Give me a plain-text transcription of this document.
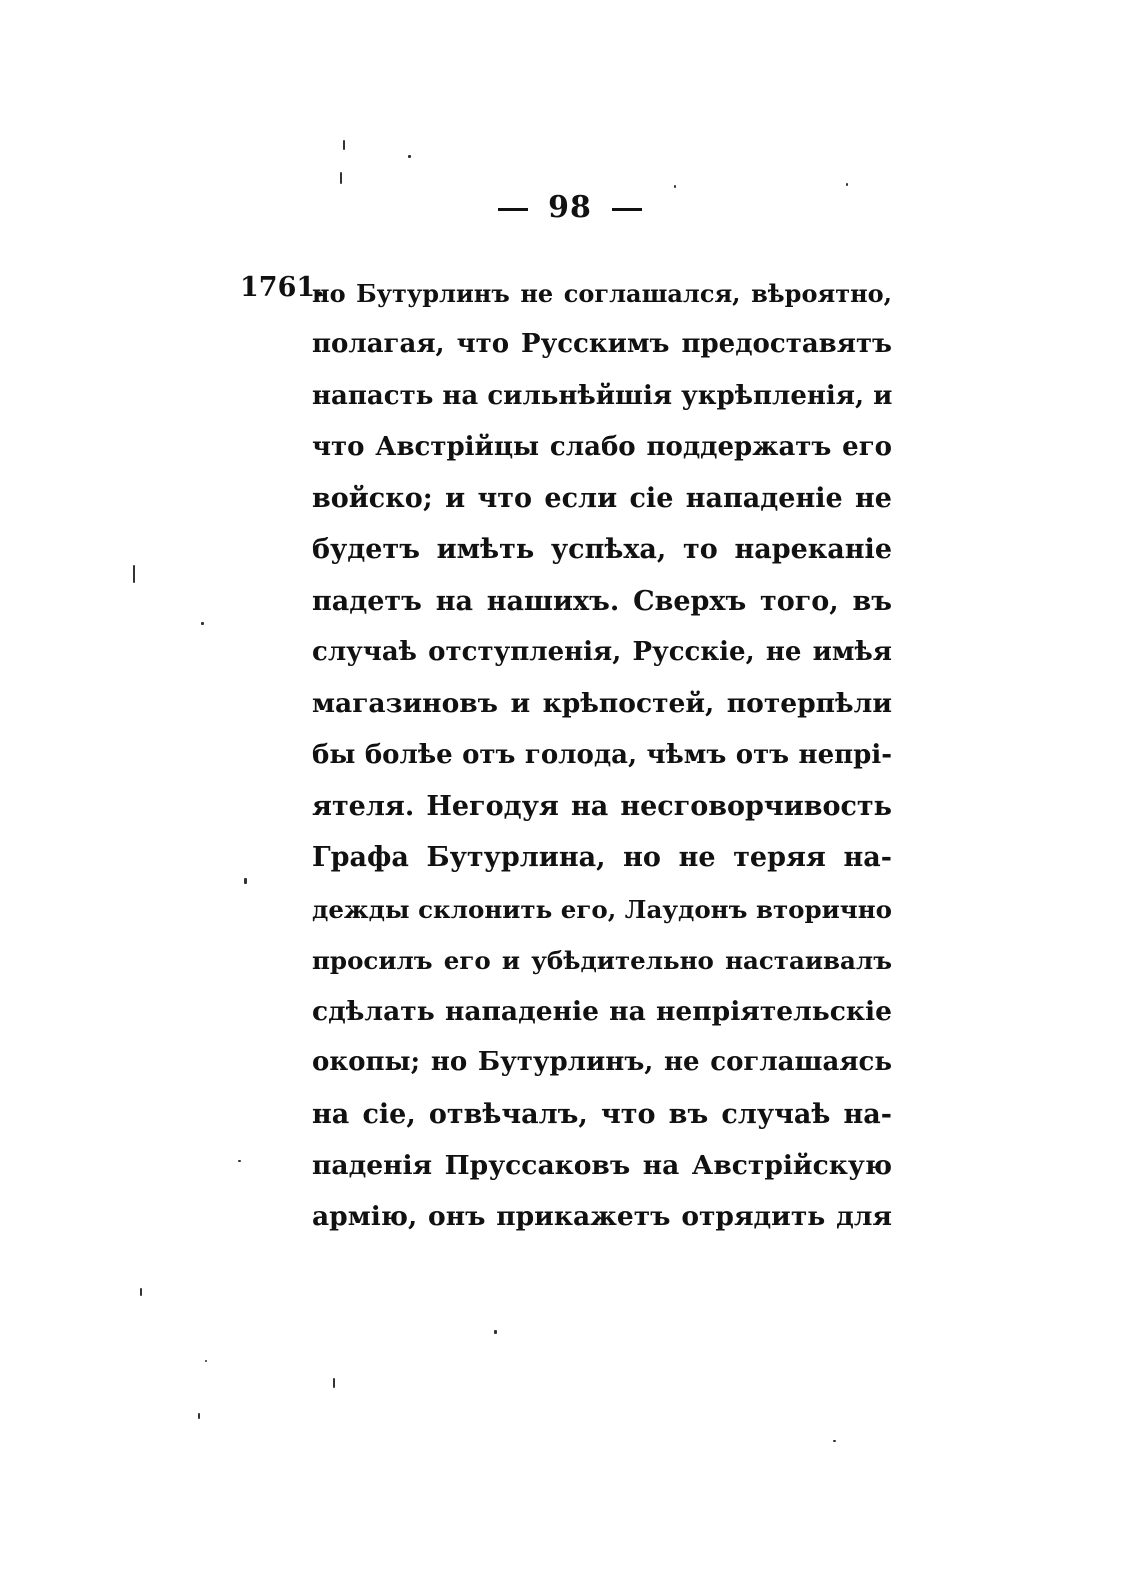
98
1761.
но Бутурлинъ не соглашался, вѣроятно,
полагая, что Русскимъ предоставятъ
напасть на сильнѣйшія укрѣпленія, и
что Австрійцы слабо поддержатъ его
войско; и что если сіе нападеніе не
будетъ имѣть успѣха, то нареканіе
падетъ на нашихъ. Сверхъ того, въ
случаѣ отступленія, Русскіе, не имѣя
магазиновъ и крѣпостей, потерпѣли
бы болѣе отъ голода, чѣмъ отъ непрі-
ятеля. Негодуя на несговорчивость
Графа Бутурлина, но не теряя на-
дежды склонить его, Лаудонъ вторично
просилъ его и убѣдительно настаивалъ
сдѣлать нападеніе на непріятельскіе
окопы; но Бутурлинъ, не соглашаясь
на сіе, отвѣчалъ, что въ случаѣ на-
паденія Пруссаковъ на Австрійскую
армію, онъ прикажетъ отрядить для
